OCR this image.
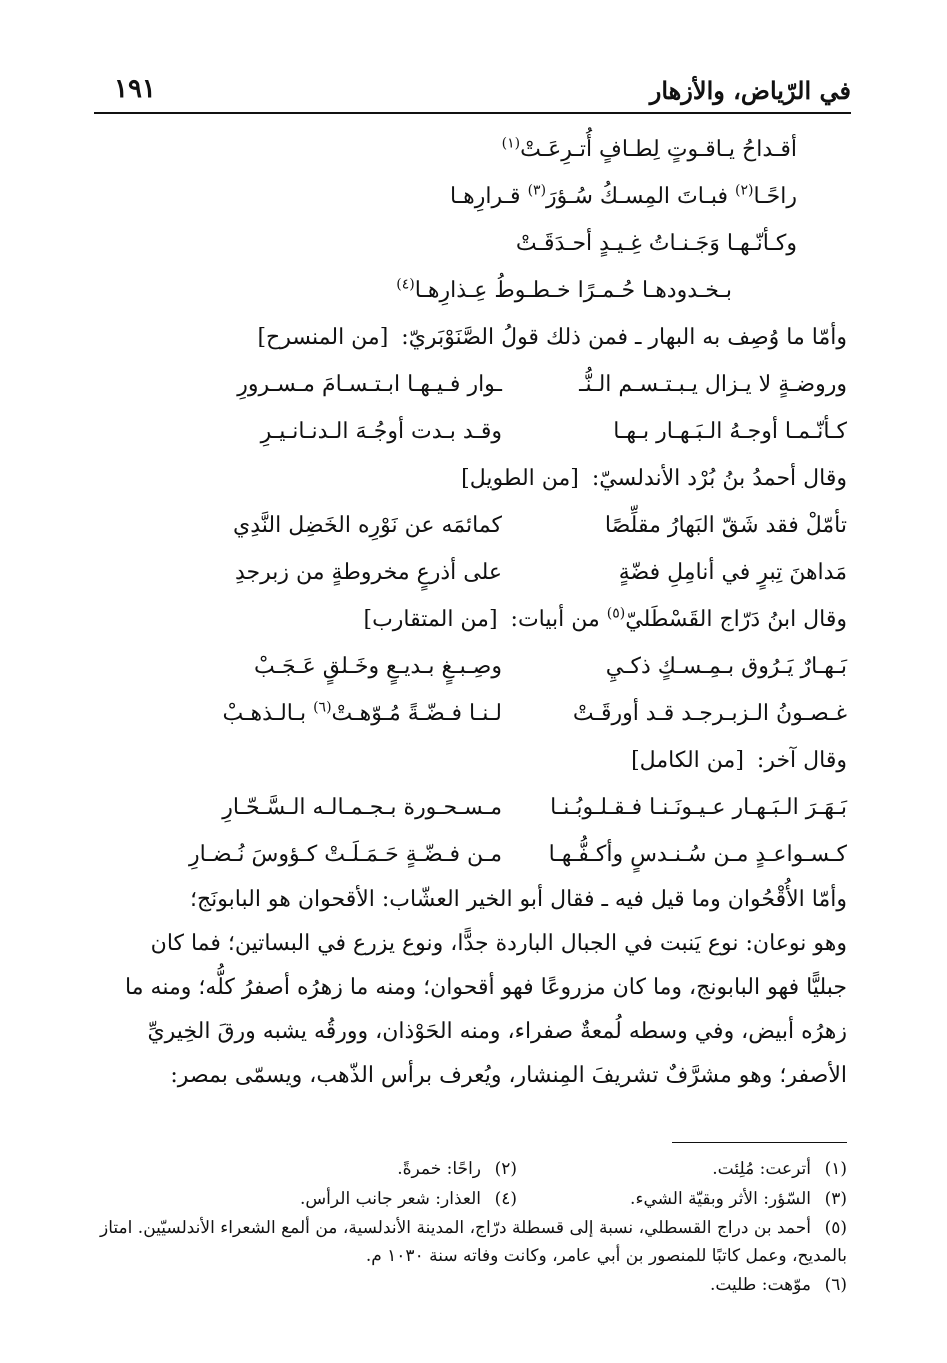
في الرّياض، والأزهار
١٩١
أقـداحُ يـاقـوتٍ لِطـافٍ أُتـرِعَـتْ$^{(١)}$
راحًـا$^{(٢)}$ فبـاتَ المِسـكُ سُـؤرَ$^{(٣)}$ قـرارِهـا
وكـأنّـهـا وَجَـنـاتُ غِـيـدٍ أحـدَقَـتْ
بـخـدودهـا حُـمـرًا خـطـوطُ عِـذارِهـا$^{(٤)}$
وأمّا ما وُصِف به البهار ـ فمن ذلك قولُ الصَّنَوْبَريّ: [من المنسرح]
وروضـةٍ لا يـزال يـبـتـسـم الـنُّـ
ـوار فـيـهـا ابـتـسـامَ مـسـرورِ
كـأنّـمـا أوجـهُ الـبَـهـار بـهـا
وقـد بـدت أوجُـهَ الـدنـانـيـرِ
وقال أحمدُ بنُ بُرْد الأندلسيّ: [من الطويل]
تأمّلْ فقد شَقّ البَهارُ مقلِّصًا
كمائمَه عن نَوْرِه الخَضِل النَّدِي
مَداهنَ تِبرٍ في أنامِلِ فضّةٍ
على أذرعٍ مخروطةٍ من زبرجدِ
وقال ابنُ دَرّاج القَسْطَليّ$^{(٥)}$ من أبيات: [من المتقارب]
بَـهـارٌ يَـرُوق بـمِـسـكٍ ذكـيِ
وصِـبـغٍ بـديـعٍ وخَـلقٍ عَـجَـبْ
غـصـونُ الـزبـرجـد قـد أورقَـتْ
لـنـا فـضّـةً مُـوّهـتْ$^{(٦)}$ بـالـذهـبْ
وقال آخر: [من الكامل]
بَـهَـرَ الـبَـهـار عـيـونَـنـا فـقـلـوبُـنـا
مـسـحـورة بـجـمـالـه الـسَّـحّـارِ
كـسـواعـدٍ مـن سُـنـدسٍ وأكـفُّـهـا
مـن فـضّـةٍ حَـمَـلَـتْ كـؤوسَ نُـضـارِ

وأمّا الأُقْحُوان وما قيل فيه ـ فقال أبو الخير العشّاب: الأقحوان هو البابونَج؛

وهو نوعان: نوع يَنبت في الجبال الباردة جدًّا، ونوع يزرع في البساتين؛ فما كان

جبليًّا فهو البابونج، وما كان مزروعًا فهو أقحوان؛ ومنه ما زهرُه أصفرُ كلُّه؛ ومنه ما

زهرُه أبيض، وفي وسطه لُمعةٌ صفراء، ومنه الحَوْذان، وورقُه يشبه ورقَ الخِيريِّ

الأصفر؛ وهو مشرَّفٌ تشريفَ المِنشار، ويُعرف برأس الذّهب، ويسمّى بمصر:

(١)أترعت: مُلِئت.
(٢)راحًا: خمرةً.
(٣)السّؤر: الأثر وبقيّة الشيء.
(٤)العذار: شعر جانب الرأس.
(٥)أحمد بن دراج القسطلي، نسبة إلى قسطلة درّاج، المدينة الأندلسية، من ألمع الشعراء الأندلسيّين. امتاز بالمديح، وعمل كاتبًا للمنصور بن أبي عامر، وكانت وفاته سنة ١٠٣٠ م.
(٦)موّهت: طليت.
